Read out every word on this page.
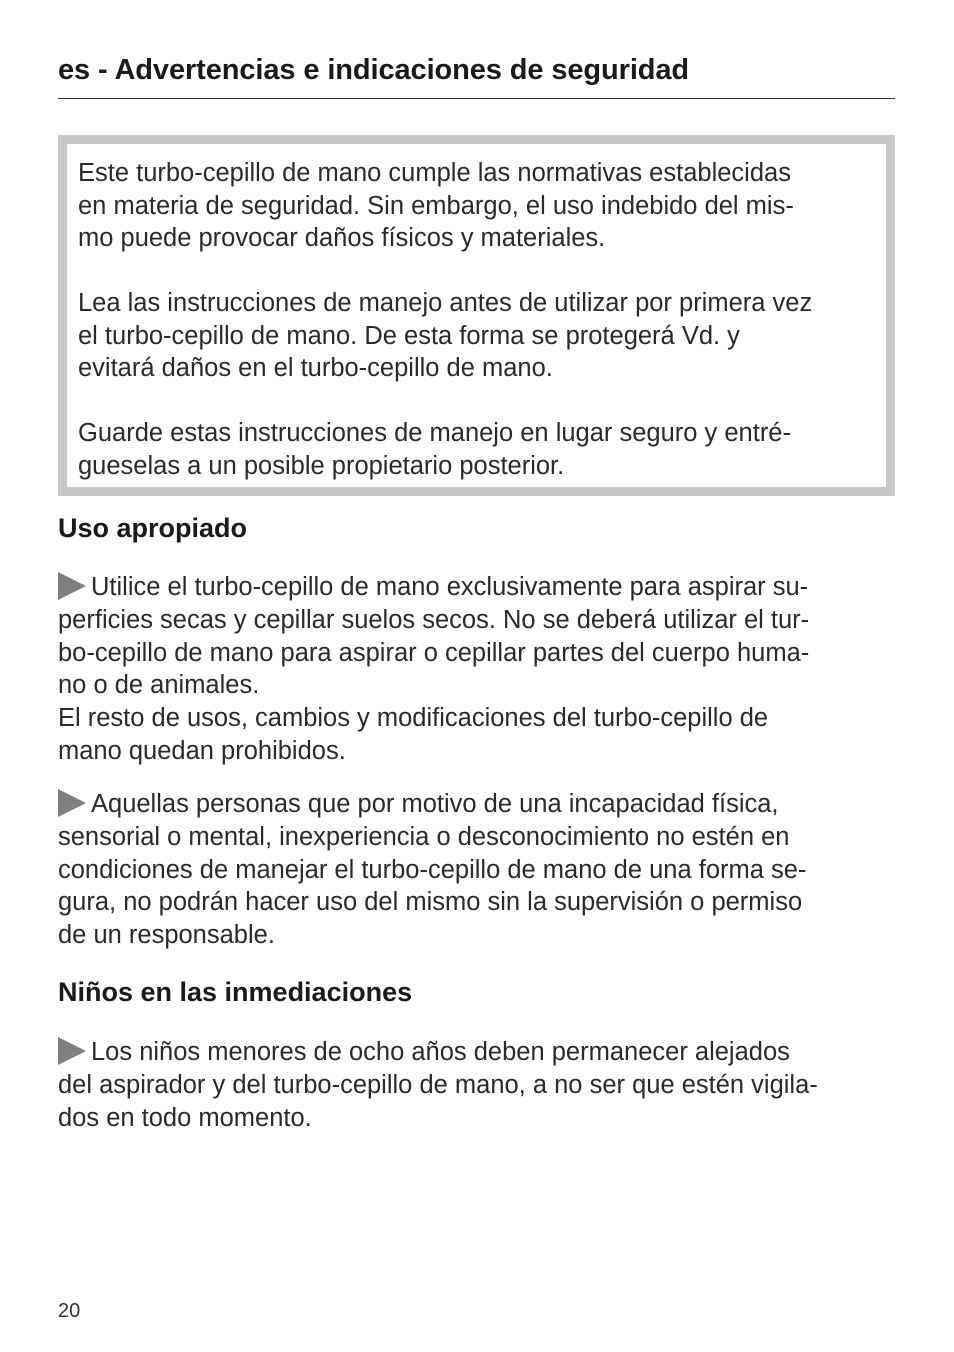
es - Advertencias e indicaciones de seguridad

Este turbo-cepillo de mano cumple las normativas establecidas
en materia de seguridad. Sin embargo, el uso indebido del mis-
mo puede provocar daños físicos y materiales.

Lea las instrucciones de manejo antes de utilizar por primera vez
el turbo-cepillo de mano. De esta forma se protegerá Vd. y
evitará daños en el turbo-cepillo de mano.

Guarde estas instrucciones de manejo en lugar seguro y entré-
gueselas a un posible propietario posterior.

Uso apropiado
Utilice el turbo-cepillo de mano exclusivamente para aspirar su-
perficies secas y cepillar suelos secos. No se deberá utilizar el tur-
bo-cepillo de mano para aspirar o cepillar partes del cuerpo huma-
no o de animales.
El resto de usos, cambios y modificaciones del turbo-cepillo de
mano quedan prohibidos.
Aquellas personas que por motivo de una incapacidad física,
sensorial o mental, inexperiencia o desconocimiento no estén en
condiciones de manejar el turbo-cepillo de mano de una forma se-
gura, no podrán hacer uso del mismo sin la supervisión o permiso
de un responsable.
Niños en las inmediaciones
Los niños menores de ocho años deben permanecer alejados
del aspirador y del turbo-cepillo de mano, a no ser que estén vigila-
dos en todo momento.
20
